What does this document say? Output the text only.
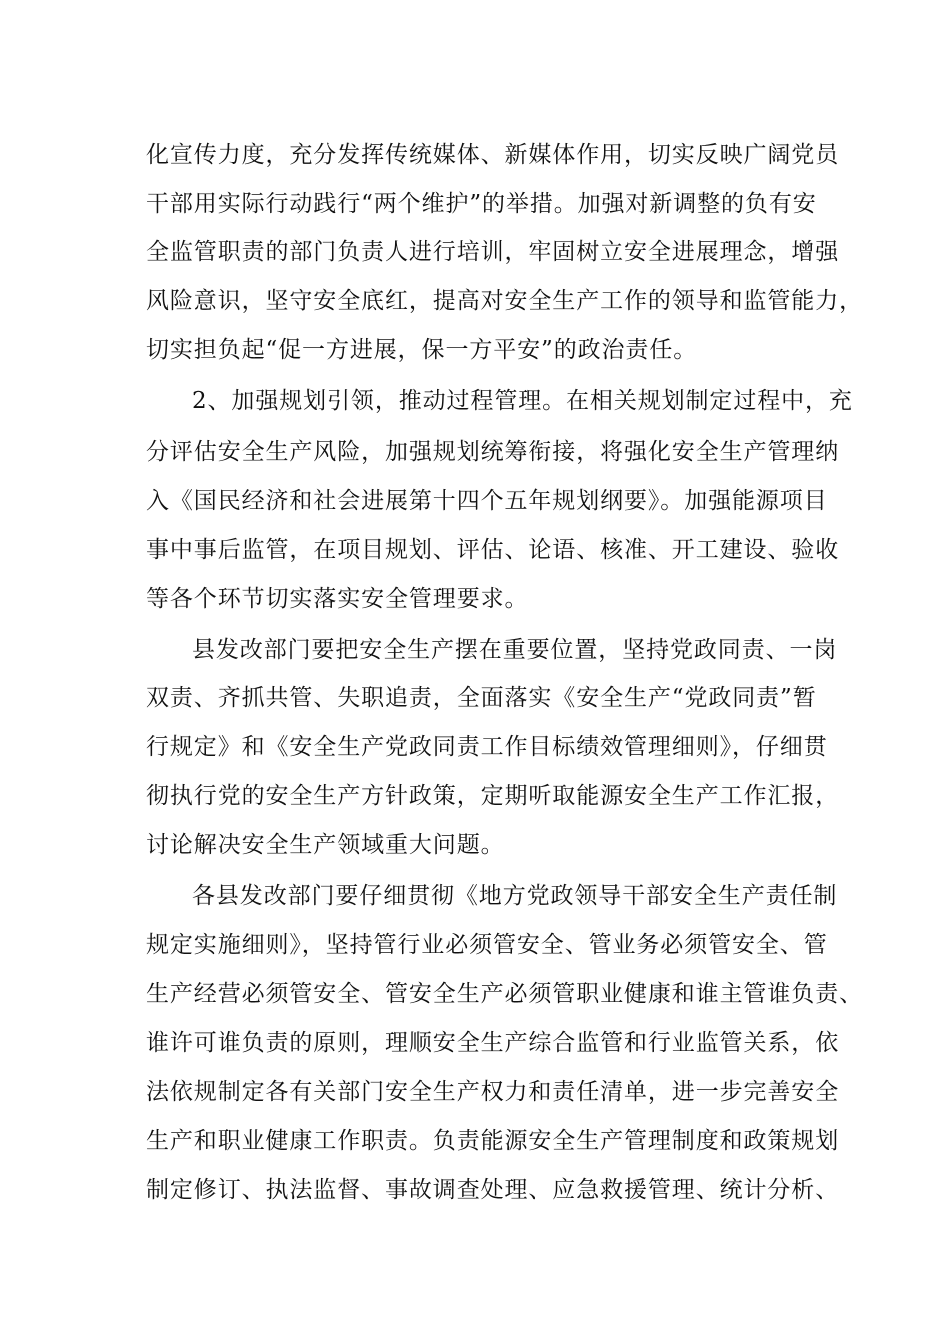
化宣传力度，充分发挥传统媒体、新媒体作用，切实反映广阔党员
干部用实际行动践行“两个维护”的举措。加强对新调整的负有安
全监管职责的部门负责人进行培训，牢固树立安全进展理念，增强
风险意识，坚守安全底红，提高对安全生产工作的领导和监管能力，
切实担负起“促一方进展，保一方平安”的政治责任。
2、加强规划引领，推动过程管理。在相关规划制定过程中，充
分评估安全生产风险，加强规划统筹衔接，将强化安全生产管理纳
入《国民经济和社会进展第十四个五年规划纲要》。加强能源项目
事中事后监管，在项目规划、评估、论语、核准、开工建设、验收
等各个环节切实落实安全管理要求。
县发改部门要把安全生产摆在重要位置，坚持党政同责、一岗
双责、齐抓共管、失职追责，全面落实《安全生产“党政同责”暂
行规定》和《安全生产党政同责工作目标绩效管理细则》，仔细贯
彻执行党的安全生产方针政策，定期听取能源安全生产工作汇报，
讨论解决安全生产领域重大问题。
各县发改部门要仔细贯彻《地方党政领导干部安全生产责任制
规定实施细则》，坚持管行业必须管安全、管业务必须管安全、管
生产经营必须管安全、管安全生产必须管职业健康和谁主管谁负责、
谁许可谁负责的原则，理顺安全生产综合监管和行业监管关系，依
法依规制定各有关部门安全生产权力和责任清单，进一步完善安全
生产和职业健康工作职责。负责能源安全生产管理制度和政策规划
制定修订、执法监督、事故调查处理、应急救援管理、统计分析、
